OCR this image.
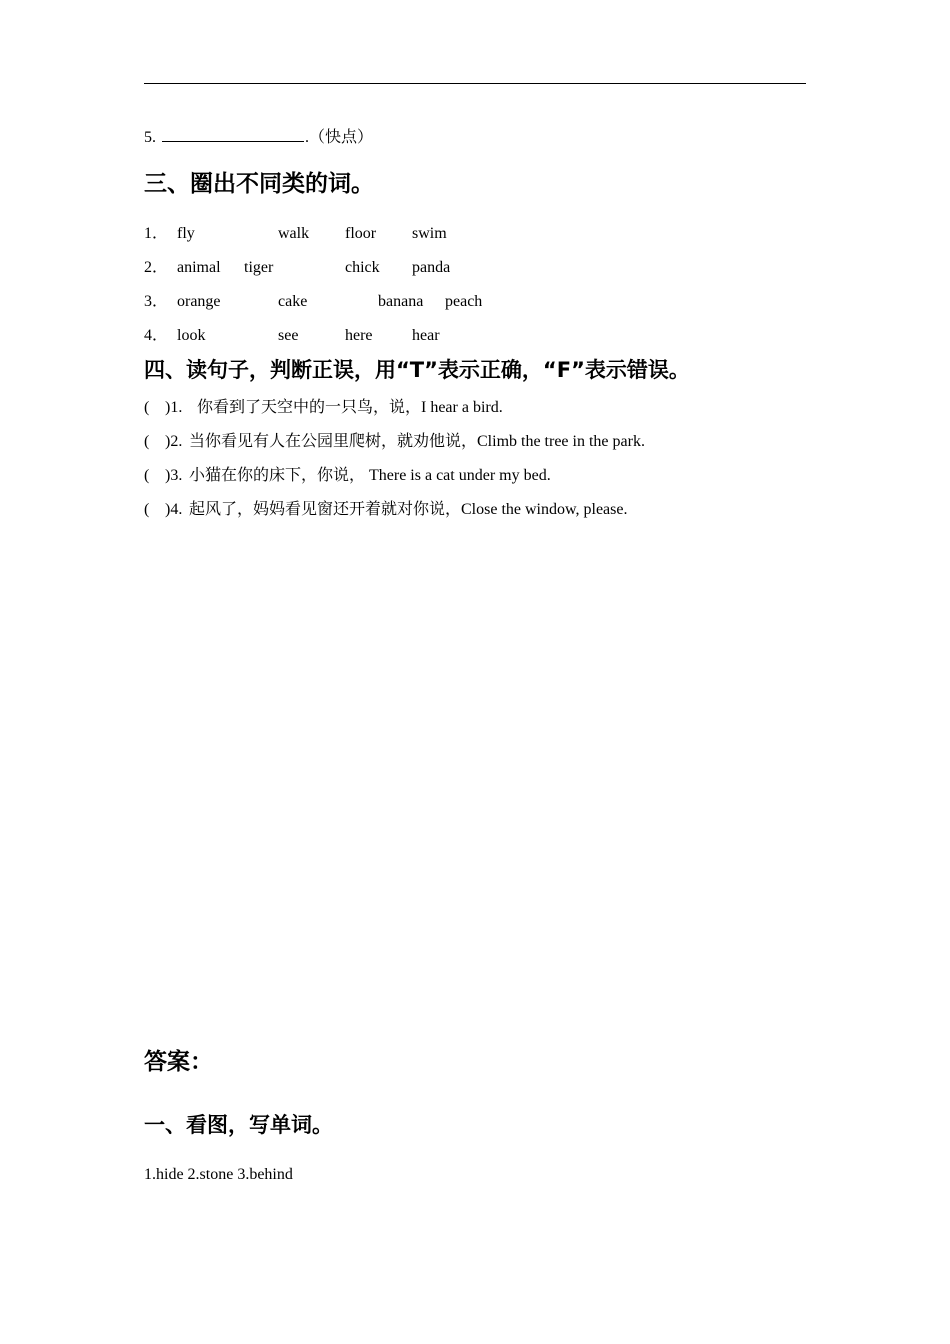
5.	.（快点）
三、圈出不同类的词。
1． fly	walk floor swim
2． animal tiger	chick panda
3． orange	cake	banana peach
4． look	see	here hear
四、读句子，判断正误，用“T”表示正确，“F”表示错误。
( )1. 你看到了天空中的一只鸟，说，I hear a bird.
( )2. 当你看见有人在公园里爬树，就劝他说，Climb the tree in the park.
( )3. 小猫在你的床下，你说， There is a cat under my bed.
( )4. 起风了，妈妈看见窗还开着就对你说，Close the window, please.
答案：
一、看图，写单词。
1.hide 2.stone 3.behind
